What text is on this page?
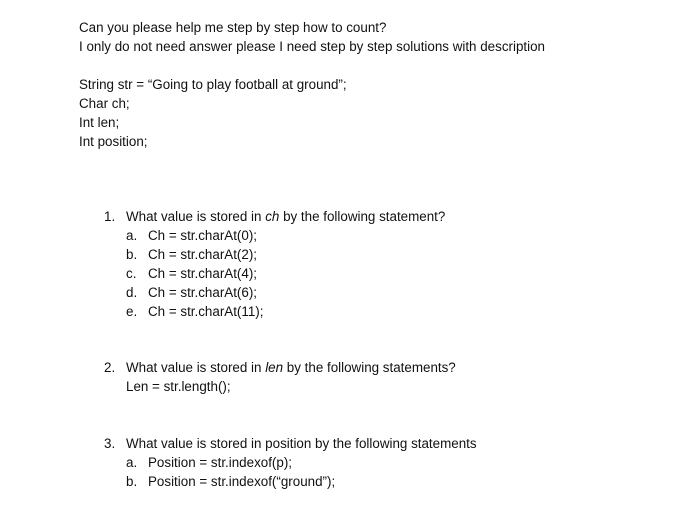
Can you please help me step by step how to count?
I only do not need answer please I need step by step solutions with description
String str = “Going to play football at ground”;
Char ch;
Int len;
Int position;
1. What value is stored in ch by the following statement?
a. Ch = str.charAt(0);
b. Ch = str.charAt(2);
c. Ch = str.charAt(4);
d. Ch = str.charAt(6);
e. Ch = str.charAt(11);
2. What value is stored in len by the following statements?
Len = str.length();
3. What value is stored in position by the following statements
a. Position = str.indexof(p);
b. Position = str.indexof(“ground”);
